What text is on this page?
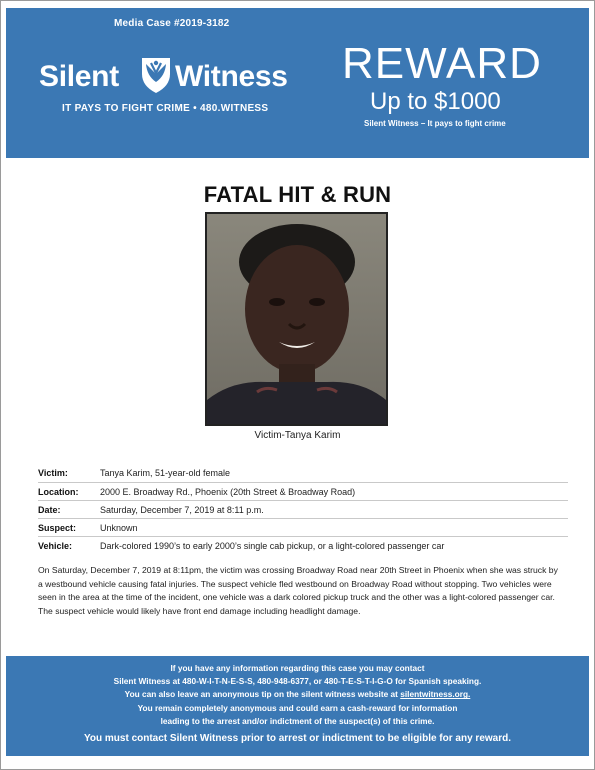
Media Case #2019-3182
Silent Witness
IT PAYS TO FIGHT CRIME • 480.WITNESS
REWARD
Up to $1000
Silent Witness – It pays to fight crime
FATAL HIT & RUN
Victim-Tanya Karim
Victim:	Tanya Karim, 51-year-old female
Location:	2000 E. Broadway Rd., Phoenix (20th Street & Broadway Road)
Date:	Saturday, December 7, 2019 at 8:11 p.m.
Suspect:	Unknown
Vehicle:	Dark-colored 1990’s to early 2000’s single cab pickup, or a light-colored passenger car

On Saturday, December 7, 2019 at 8:11pm, the victim was crossing Broadway Road near 20th Street in Phoenix when she was struck by a westbound vehicle causing fatal injuries. The suspect vehicle fled westbound on Broadway Road without stopping. Two vehicles were seen in the area at the time of the incident, one vehicle was a dark colored pickup truck and the other was a light-colored passenger car. The suspect vehicle would likely have front end damage including headlight damage.

If you have any information regarding this case you may contact
Silent Witness at 480-W-I-T-N-E-S-S, 480-948-6377, or 480-T-E-S-T-I-G-O for Spanish speaking.
You can also leave an anonymous tip on the silent witness website at silentwitness.org.
You remain completely anonymous and could earn a cash-reward for information
leading to the arrest and/or indictment of the suspect(s) of this crime.
You must contact Silent Witness prior to arrest or indictment to be eligible for any reward.
